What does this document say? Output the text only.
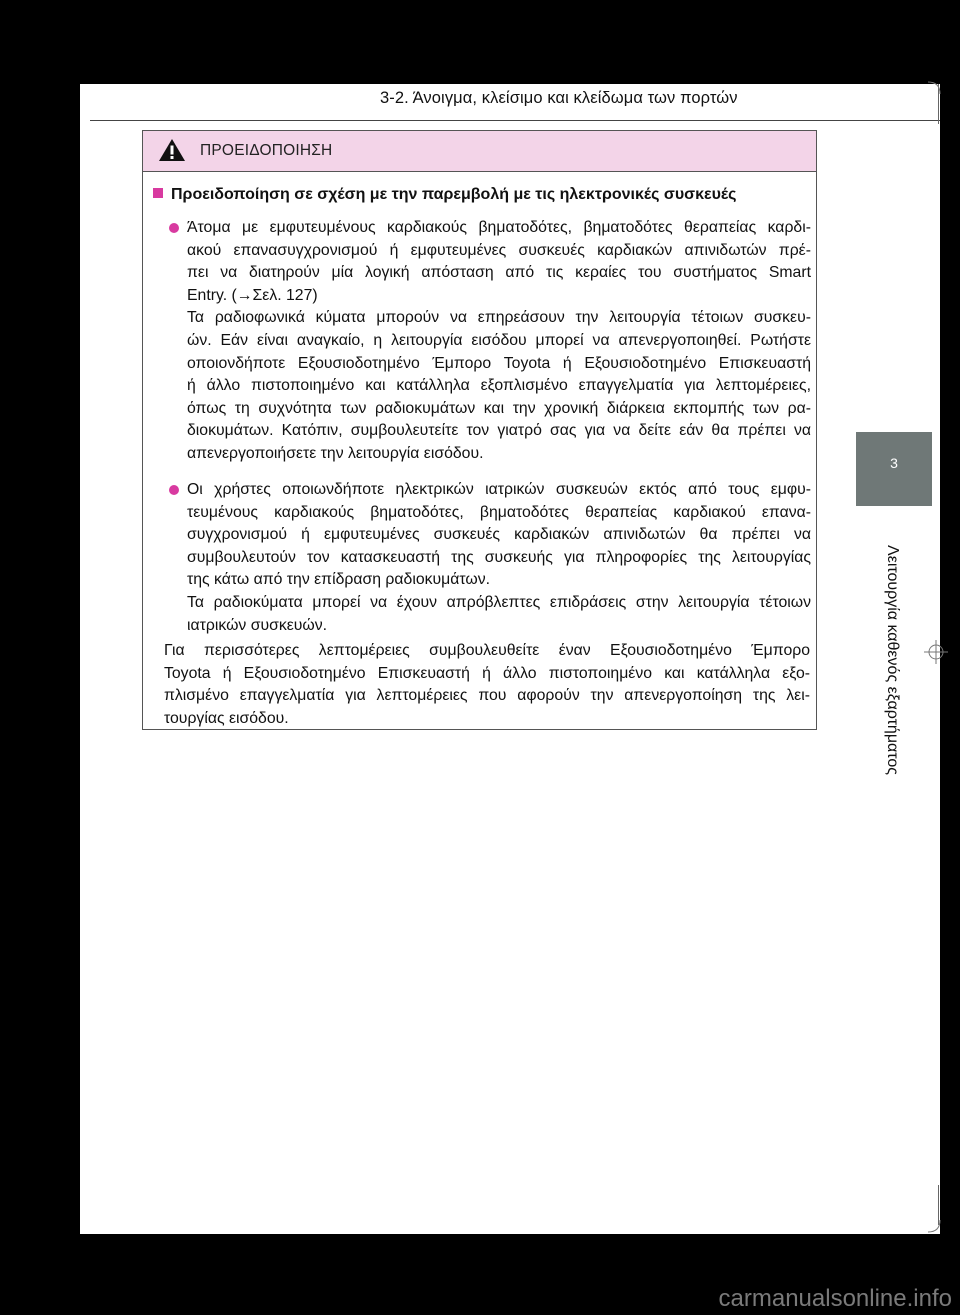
3-2. Άνοιγμα, κλείσιμο και κλείδωμα των πορτών
ΠΡΟΕΙΔΟΠΟΙΗΣΗ
Προειδοποίηση σε σχέση με την παρεμβολή με τις ηλεκτρονικές συσκευές
Άτομα με εμφυτευμένους καρδιακούς βηματοδότες, βηματοδότες θεραπείας καρδι-
ακού επανασυγχρονισμού ή εμφυτευμένες συσκευές καρδιακών απινιδωτών πρέ-
πει να διατηρούν μία λογική απόσταση από τις κεραίες του συστήματος Smart
Entry. (→Σελ. 127)
Τα ραδιοφωνικά κύματα μπορούν να επηρεάσουν την λειτουργία τέτοιων συσκευ-
ών. Εάν είναι αναγκαίο, η λειτουργία εισόδου μπορεί να απενεργοποιηθεί. Ρωτήστε
οποιονδήποτε Εξουσιοδοτημένο Έμπορο Toyota ή Εξουσιοδοτημένο Επισκευαστή
ή άλλο πιστοποιημένο και κατάλληλα εξοπλισμένο επαγγελματία για λεπτομέρειες,
όπως τη συχνότητα των ραδιοκυμάτων και την χρονική διάρκεια εκπομπής των ρα-
διοκυμάτων. Κατόπιν, συμβουλευτείτε τον γιατρό σας για να δείτε εάν θα πρέπει να
απενεργοποιήσετε την λειτουργία εισόδου.
Οι χρήστες οποιωνδήποτε ηλεκτρικών ιατρικών συσκευών εκτός από τους εμφυ-
τευμένους καρδιακούς βηματοδότες, βηματοδότες θεραπείας καρδιακού επανα-
συγχρονισμού ή εμφυτευμένες συσκευές καρδιακών απινιδωτών θα πρέπει να
συμβουλευτούν τον κατασκευαστή της συσκευής για πληροφορίες της λειτουργίας
της κάτω από την επίδραση ραδιοκυμάτων.
Τα ραδιοκύματα μπορεί να έχουν απρόβλεπτες επιδράσεις στην λειτουργία τέτοιων
ιατρικών συσκευών.
Για περισσότερες λεπτομέρειες συμβουλευθείτε έναν Εξουσιοδοτημένο Έμπορο
Toyota ή Εξουσιοδοτημένο Επισκευαστή ή άλλο πιστοποιημένο και κατάλληλα εξο-
πλισμένο επαγγελματία για λεπτομέρειες που αφορούν την απενεργοποίηση της λει-
τουργίας εισόδου.
3
Λειτουργία καθενός εξαρτήματος
carmanualsonline.info
